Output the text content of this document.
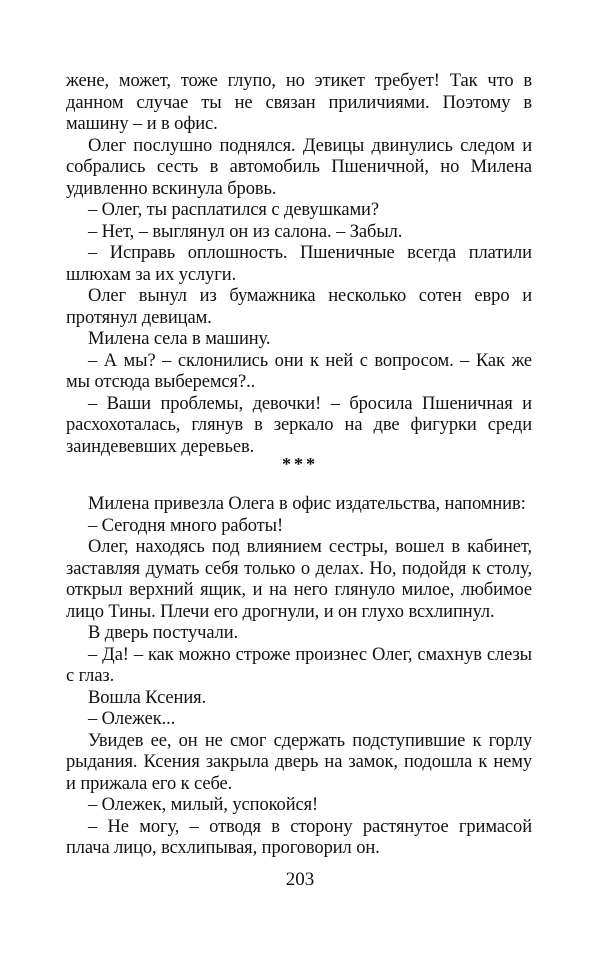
жене, может, тоже глупо, но этикет требует! Так что в данном случае ты не связан приличиями. Поэтому в машину – и в офис.

Олег послушно поднялся. Девицы двинулись следом и собрались сесть в автомобиль Пшеничной, но Милена удивленно вскинула бровь.

– Олег, ты расплатился с девушками?

– Нет, – выглянул он из салона. – Забыл.

– Исправь оплошность. Пшеничные всегда платили шлюхам за их услуги.

Олег вынул из бумажника несколько сотен евро и протянул девицам.

Милена села в машину.

– А мы? – склонились они к ней с вопросом. – Как же мы отсюда выберемся?..

– Ваши проблемы, девочки! – бросила Пшеничная и расхохоталась, глянув в зеркало на две фигурки среди заиндевевших деревьев.

***

Милена привезла Олега в офис издательства, напомнив:

– Сегодня много работы!

Олег, находясь под влиянием сестры, вошел в кабинет, заставляя думать себя только о делах. Но, подойдя к столу, открыл верхний ящик, и на него глянуло милое, любимое лицо Тины. Плечи его дрогнули, и он глухо всхлипнул.

В дверь постучали.

– Да! – как можно строже произнес Олег, смахнув слезы с глаз.

Вошла Ксения.

– Олежек...

Увидев ее, он не смог сдержать подступившие к горлу рыдания. Ксения закрыла дверь на замок, подошла к нему и прижала его к себе.

– Олежек, милый, успокойся!

– Не могу, – отводя в сторону растянутое гримасой плача лицо, всхлипывая, проговорил он.

203
